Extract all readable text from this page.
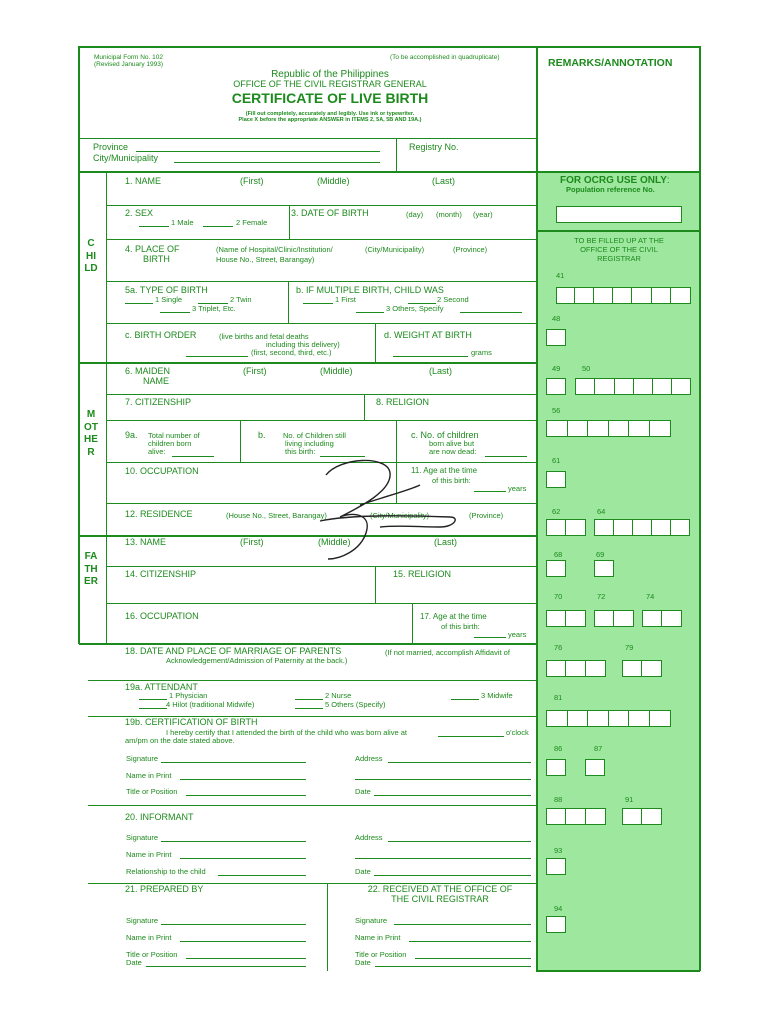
Municipal Form No. 102
(Revised January 1993)
(To be accomplished in quadruplicate)
Republic of the Philippines
OFFICE OF THE CIVIL REGISTRAR GENERAL
CERTIFICATE OF LIVE BIRTH
(Fill out completely, accurately and legibly. Use ink or typewriter.
Place X before the appropriate ANSWER in ITEMS 2, 5A, 5B AND 19A.)
Province
City/Municipality
Registry No.
REMARKS/ANNOTATION
FOR OCRG USE ONLY:
Population reference No.
TO BE FILLED UP AT THE
OFFICE OF THE CIVIL
REGISTRAR
41
48
49	50
56
61
62	64
68	69
70	72	74
76	79
81
86	87
88	91
93
94
CHILD
1. NAME	(First)	(Middle)	(Last)
2. SEX
1 Male	2 Female
3. DATE OF BIRTH	(day) (month) (year)
4. PLACE OF
BIRTH
(Name of Hospital/Clinic/Institution/
House No., Street, Barangay)
(City/Municipality)	(Province)
5a. TYPE OF BIRTH
1 Single	2 Twin
3 Triplet, Etc.
b. IF MULTIPLE BIRTH, CHILD WAS
1 First	2 Second
3 Others, Specify
c. BIRTH ORDER	(live births and fetal deaths
including this delivery)
(first, second, third, etc.)
d. WEIGHT AT BIRTH
grams
MOTHER
6. MAIDEN
NAME
(First)	(Middle)	(Last)
7. CITIZENSHIP	8. RELIGION
9a. Total number of
children born
alive:
b. No. of Children still
living including
this birth:
c. No. of children
born alive but
are now dead:
10. OCCUPATION	11. Age at the time
of this birth:
years
12. RESIDENCE	(House No., Street, Barangay)	(City/Municipality)	(Province)
FATHER
13. NAME	(First)	(Middle)	(Last)
14. CITIZENSHIP	15. RELIGION
16. OCCUPATION	17. Age at the time
of this birth:
years
18. DATE AND PLACE OF MARRIAGE OF PARENTS	(If not married, accomplish Affidavit of
Acknowledgement/Admission of Paternity at the back.)
19a. ATTENDANT
1 Physician	2 Nurse	3 Midwife
4 Hilot (traditional Midwife)	5 Others (Specify)
19b. CERTIFICATION OF BIRTH
I hereby certify that I attended the birth of the child who was born alive at	o'clock
am/pm on the date stated above.
Signature	Address
Name in Print
Title or Position	Date
20. INFORMANT
Signature	Address
Name in Print
Relationship to the child	Date
21. PREPARED BY	22. RECEIVED AT THE OFFICE OF
THE CIVIL REGISTRAR
Signature
Name in Print
Title or Position
Date
Signature
Name in Print
Title or Position
Date
